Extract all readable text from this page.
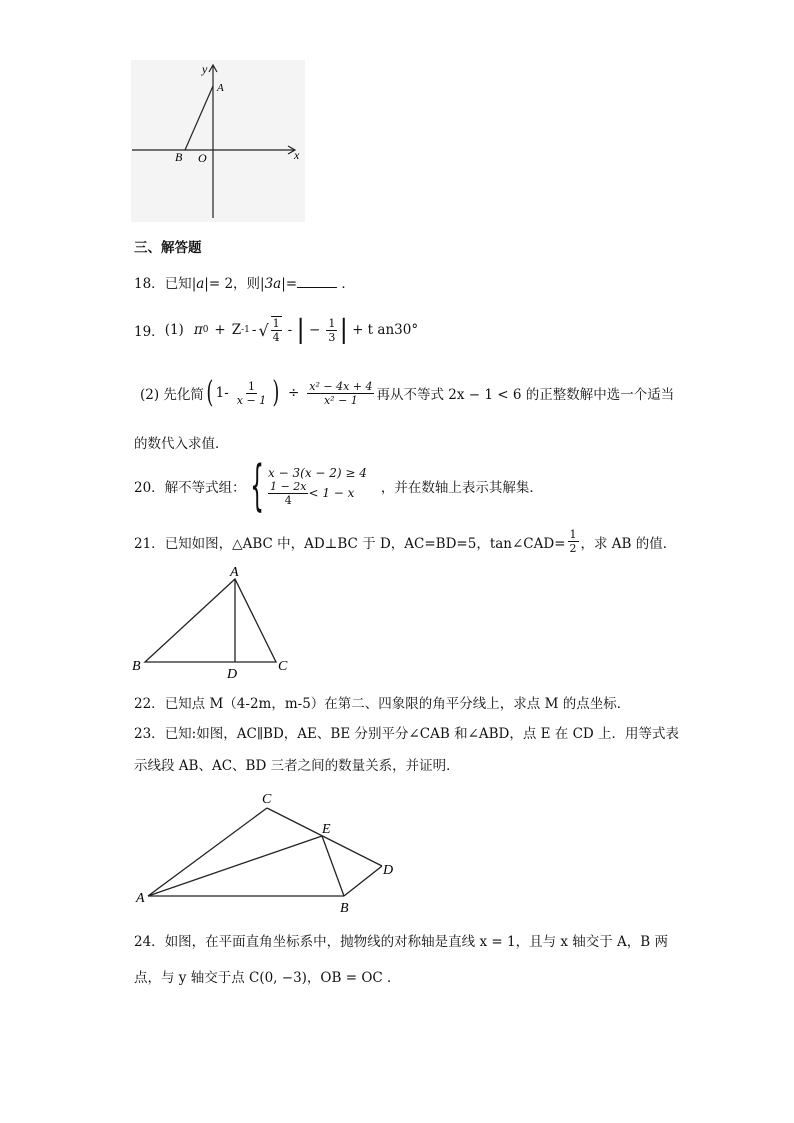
y
x
A
B O
三、解答题
18．已知|a|= 2，则|3a|=	．
19． (1) π 0 + Z -1 - √ $\frac{1}{4}$ - | − $\frac{1}{3}$ | + t an30°
(2) 先化简 ( $1- \frac{1}{x - 1}$ ) ÷ $\frac{\text{x² − 4x + 4}}{\text{x² − 1}}$ 再从不等式 2x − 1 < 6 的正整数解中选一个适当
的数代入求值．
20． 解不等式组： { x − 3(x − 2) ≥ 4
$\frac{1 - 2x}{4} < 1 - x$ ，并在数轴上表示其解集．
21． 已知如图，△ABC 中，AD⊥BC 于 D，AC=BD=5，tan∠CAD= $\frac{1}{2}$ ，求 AB 的值．
A
B	C
D
22．已知点 M（4-2m，m-5）在第二、四象限的角平分线上，求点 M 的点坐标．
23．已知:如图，AC∥BD，AE、BE 分别平分∠CAB 和∠ABD，点 E 在 CD 上．用等式表
示线段 AB、AC、BD 三者之间的数量关系，并证明．
C
E
D
A
B
24．如图，在平面直角坐标系中，抛物线的对称轴是直线 x = 1，且与 x 轴交于 A，B 两
点，与 y 轴交于点 C(0, −3)，OB = OC ．
